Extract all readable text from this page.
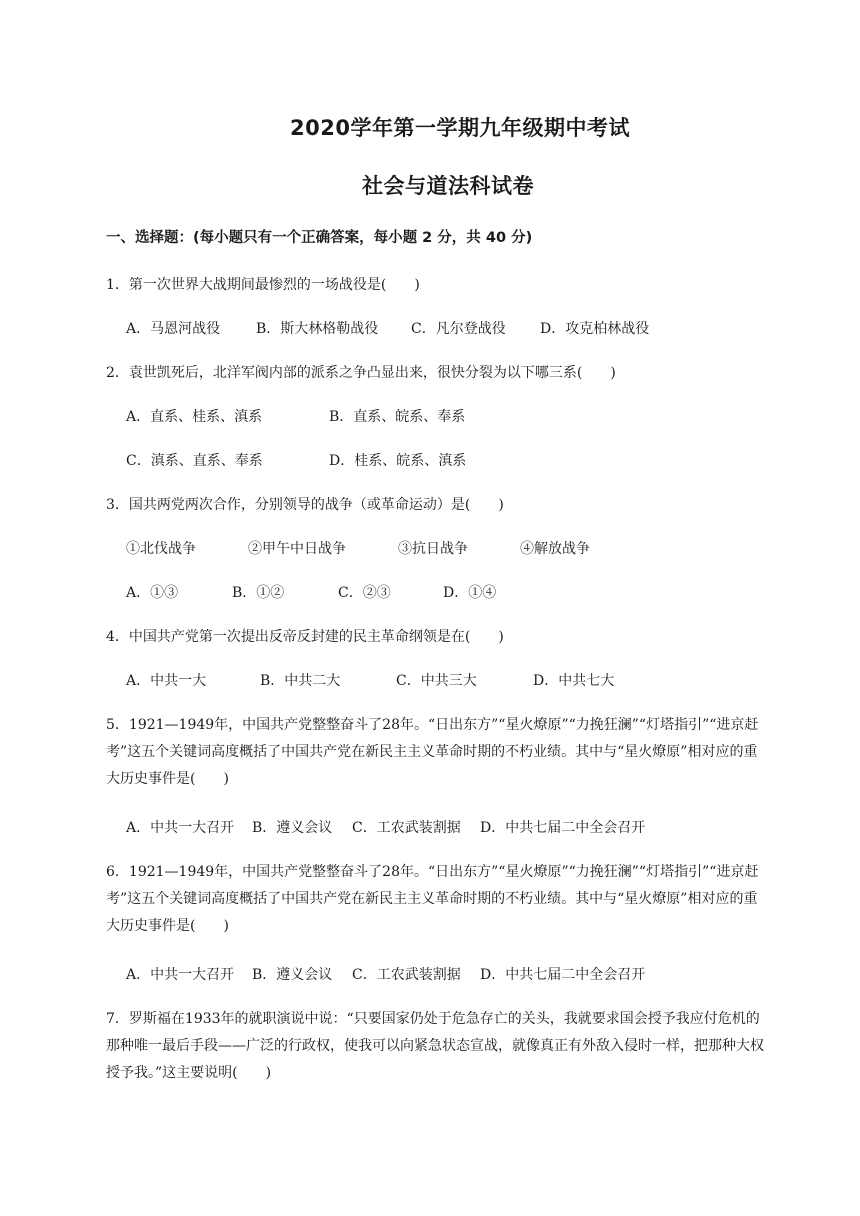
2020学年第一学期九年级期中考试
社会与道法科试卷
一、选择题：(每小题只有一个正确答案，每小题 2 分，共 40 分)
1．第一次世界大战期间最惨烈的一场战役是(　　)
A．马恩河战役	B．斯大林格勒战役 C．凡尔登战役 D．攻克柏林战役
2．袁世凯死后，北洋军阀内部的派系之争凸显出来，很快分裂为以下哪三系(　　)
A．直系、桂系、滇系	B．直系、皖系、奉系
C．滇系、直系、奉系	D．桂系、皖系、滇系
3．国共两党两次合作，分别领导的战争（或革命运动）是(　　)
①北伐战争	②甲午中日战争	③抗日战争	④解放战争
A．①③	B．①②	C．②③	D．①④
4．中国共产党第一次提出反帝反封建的民主革命纲领是在(　　)
A．中共一大	B．中共二大	C．中共三大	D．中共七大
5．1921—1949年，中国共产党整整奋斗了28年。“日出东方”“星火燎原”“力挽狂澜”“灯塔指引”“进京赶考”这五个关键词高度概括了中国共产党在新民主主义革命时期的不朽业绩。其中与“星火燎原”相对应的重大历史事件是(　　)
A．中共一大召开 B．遵义会议 C．工农武装割据 D．中共七届二中全会召开
6．1921—1949年，中国共产党整整奋斗了28年。“日出东方”“星火燎原”“力挽狂澜”“灯塔指引”“进京赶考”这五个关键词高度概括了中国共产党在新民主主义革命时期的不朽业绩。其中与“星火燎原”相对应的重大历史事件是(　　)
A．中共一大召开 B．遵义会议 C．工农武装割据 D．中共七届二中全会召开
7．罗斯福在1933年的就职演说中说：“只要国家仍处于危急存亡的关头，我就要求国会授予我应付危机的那种唯一最后手段——广泛的行政权，使我可以向紧急状态宣战，就像真正有外敌入侵时一样，把那种大权授予我。”这主要说明(　　)
